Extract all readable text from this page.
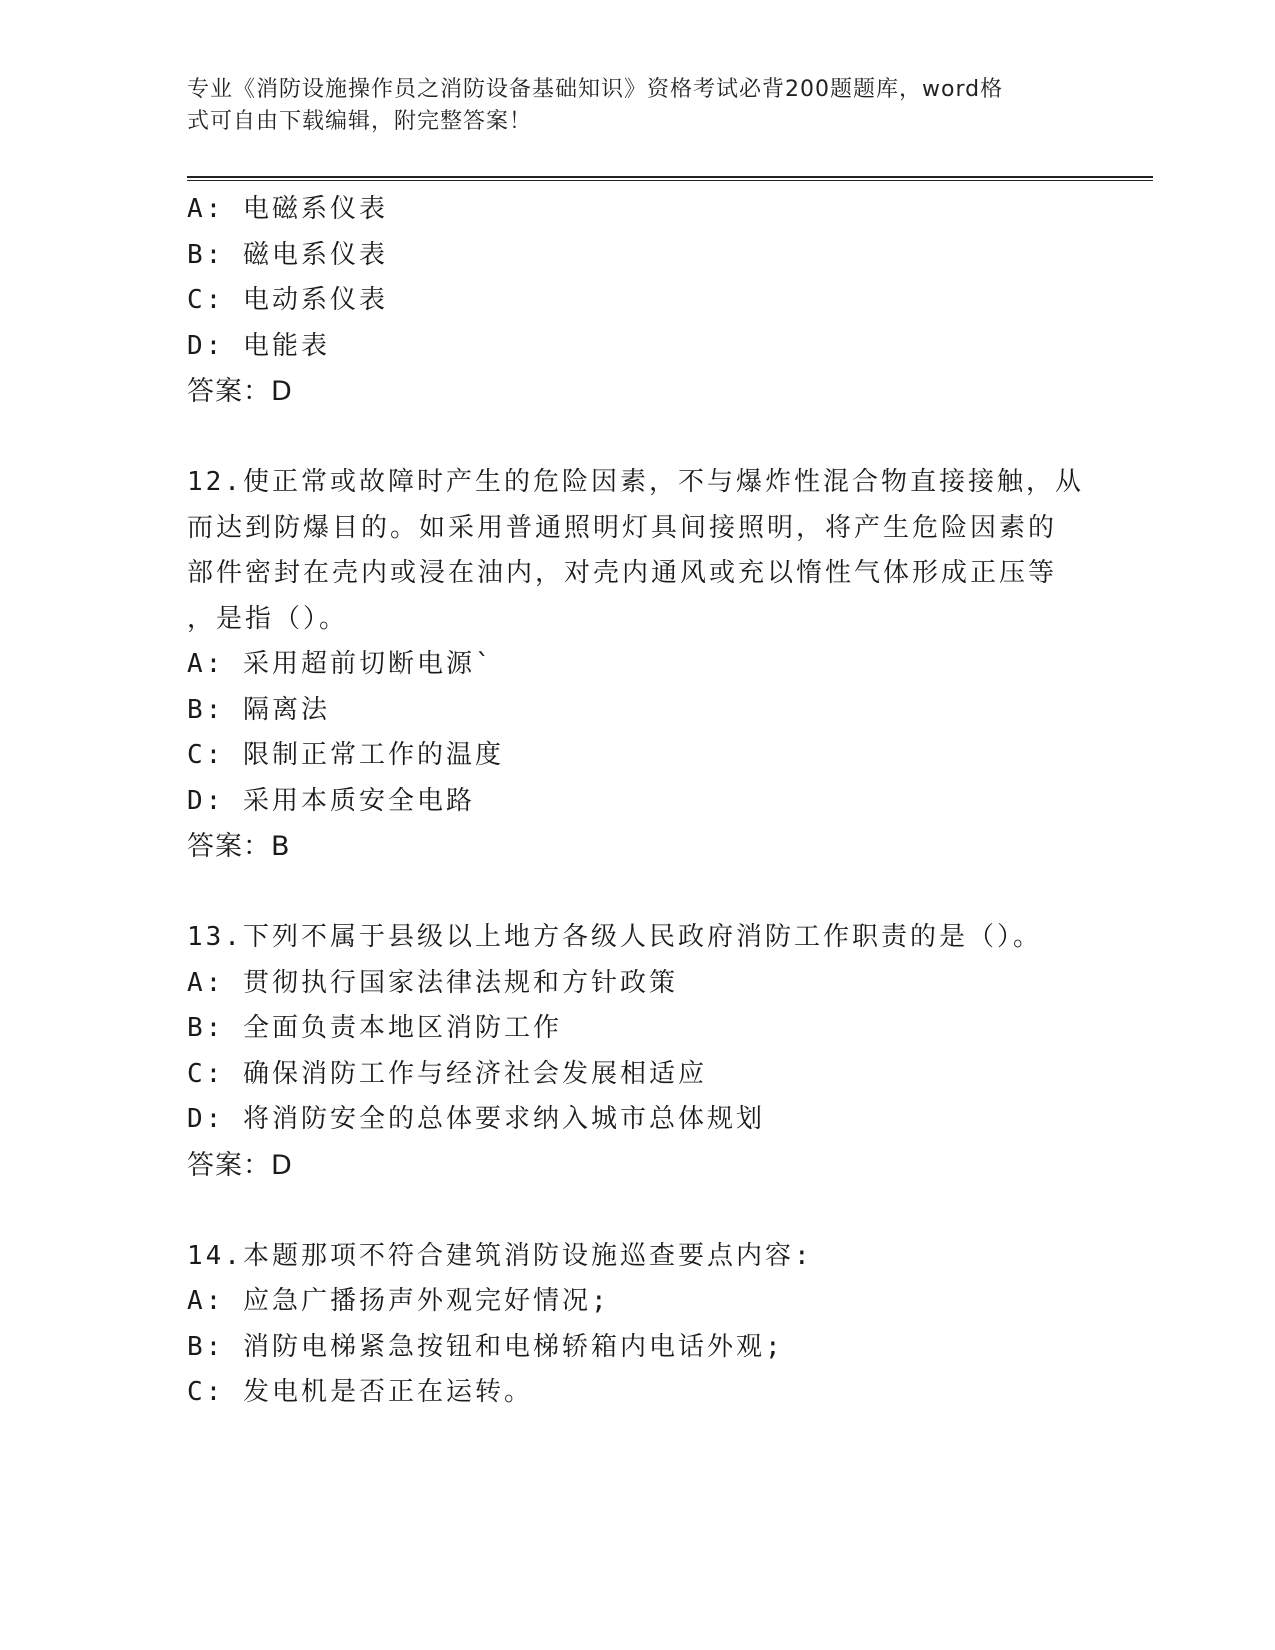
专业《消防设施操作员之消防设备基础知识》资格考试必背200题题库，word格
式可自由下载编辑，附完整答案！
A: 电磁系仪表
B: 磁电系仪表
C: 电动系仪表
D: 电能表
答案：D
12.使正常或故障时产生的危险因素，不与爆炸性混合物直接接触，从
而达到防爆目的。如采用普通照明灯具间接照明，将产生危险因素的
部件密封在壳内或浸在油内，对壳内通风或充以惰性气体形成正压等
，是指（）。
A: 采用超前切断电源`
B: 隔离法
C: 限制正常工作的温度
D: 采用本质安全电路
答案：B
13.下列不属于县级以上地方各级人民政府消防工作职责的是（）。
A: 贯彻执行国家法律法规和方针政策
B: 全面负责本地区消防工作
C: 确保消防工作与经济社会发展相适应
D: 将消防安全的总体要求纳入城市总体规划
答案：D
14.本题那项不符合建筑消防设施巡查要点内容:
A: 应急广播扬声外观完好情况;
B: 消防电梯紧急按钮和电梯轿箱内电话外观;
C: 发电机是否正在运转。
